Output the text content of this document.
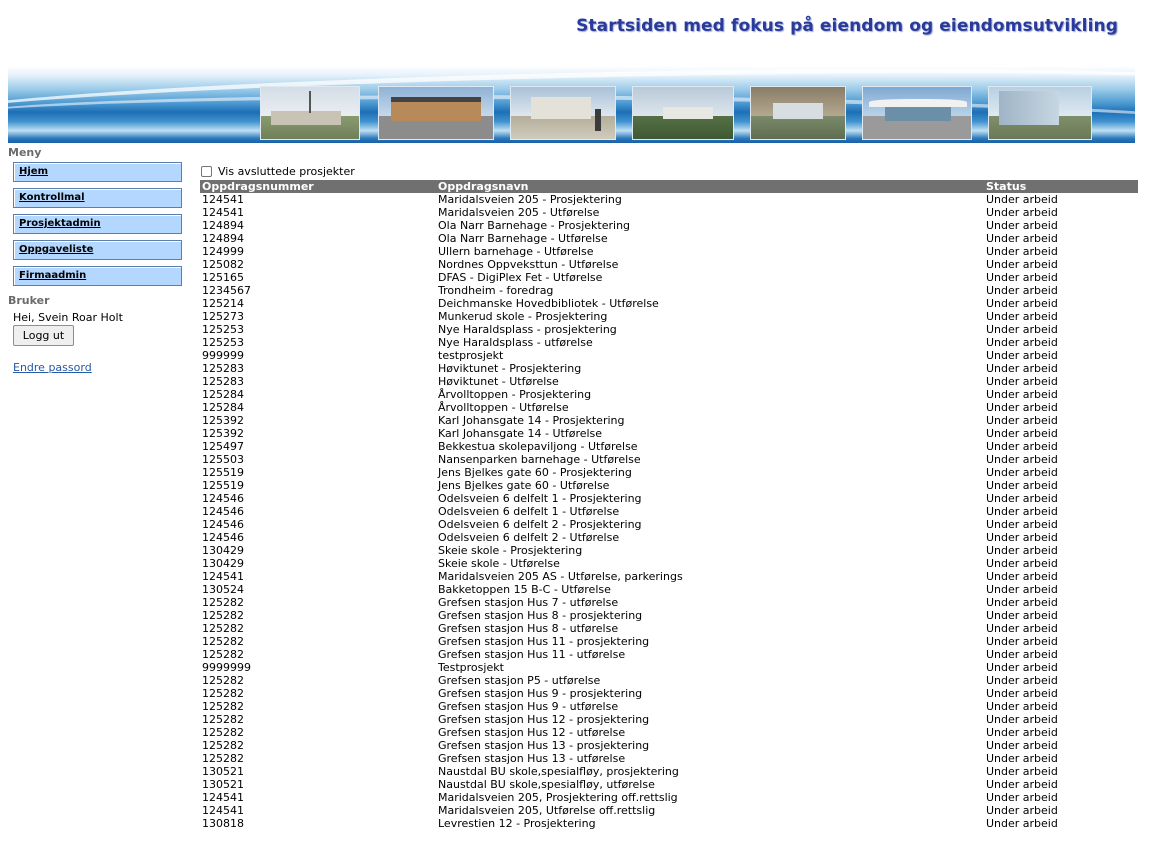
Startsiden med fokus på eiendom og eiendomsutvikling
Meny
Hjem
Kontrollmal
Prosjektadmin
Oppgaveliste
Firmaadmin
Bruker
Hei, Svein Roar Holt
Logg ut
Endre passord
Vis avsluttede prosjekter
Oppdragsnummer	Oppdragsnavn	Status
124541	Maridalsveien 205 - Prosjektering	Under arbeid
124541	Maridalsveien 205 - Utførelse	Under arbeid
124894	Ola Narr Barnehage - Prosjektering	Under arbeid
124894	Ola Narr Barnehage - Utførelse	Under arbeid
124999	Ullern barnehage - Utførelse	Under arbeid
125082	Nordnes Oppveksttun - Utførelse	Under arbeid
125165	DFAS - DigiPlex Fet - Utførelse	Under arbeid
1234567	Trondheim - foredrag	Under arbeid
125214	Deichmanske Hovedbibliotek - Utførelse	Under arbeid
125273	Munkerud skole - Prosjektering	Under arbeid
125253	Nye Haraldsplass - prosjektering	Under arbeid
125253	Nye Haraldsplass - utførelse	Under arbeid
999999	testprosjekt	Under arbeid
125283	Høviktunet - Prosjektering	Under arbeid
125283	Høviktunet - Utførelse	Under arbeid
125284	Årvolltoppen - Prosjektering	Under arbeid
125284	Årvolltoppen - Utførelse	Under arbeid
125392	Karl Johansgate 14 - Prosjektering	Under arbeid
125392	Karl Johansgate 14 - Utførelse	Under arbeid
125497	Bekkestua skolepaviljong - Utførelse	Under arbeid
125503	Nansenparken barnehage - Utførelse	Under arbeid
125519	Jens Bjelkes gate 60 - Prosjektering	Under arbeid
125519	Jens Bjelkes gate 60 - Utførelse	Under arbeid
124546	Odelsveien 6 delfelt 1 - Prosjektering	Under arbeid
124546	Odelsveien 6 delfelt 1 - Utførelse	Under arbeid
124546	Odelsveien 6 delfelt 2 - Prosjektering	Under arbeid
124546	Odelsveien 6 delfelt 2 - Utførelse	Under arbeid
130429	Skeie skole - Prosjektering	Under arbeid
130429	Skeie skole - Utførelse	Under arbeid
124541	Maridalsveien 205 AS - Utførelse, parkerings	Under arbeid
130524	Bakketoppen 15 B-C - Utførelse	Under arbeid
125282	Grefsen stasjon Hus 7 - utførelse	Under arbeid
125282	Grefsen stasjon Hus 8 - prosjektering	Under arbeid
125282	Grefsen stasjon Hus 8 - utførelse	Under arbeid
125282	Grefsen stasjon Hus 11 - prosjektering	Under arbeid
125282	Grefsen stasjon Hus 11 - utførelse	Under arbeid
9999999	Testprosjekt	Under arbeid
125282	Grefsen stasjon P5 - utførelse	Under arbeid
125282	Grefsen stasjon Hus 9 - prosjektering	Under arbeid
125282	Grefsen stasjon Hus 9 - utførelse	Under arbeid
125282	Grefsen stasjon Hus 12 - prosjektering	Under arbeid
125282	Grefsen stasjon Hus 12 - utførelse	Under arbeid
125282	Grefsen stasjon Hus 13 - prosjektering	Under arbeid
125282	Grefsen stasjon Hus 13 - utførelse	Under arbeid
130521	Naustdal BU skole,spesialfløy, prosjektering	Under arbeid
130521	Naustdal BU skole,spesialfløy, utførelse	Under arbeid
124541	Maridalsveien 205, Prosjektering off.rettslig	Under arbeid
124541	Maridalsveien 205, Utførelse off.rettslig	Under arbeid
130818	Levrestien 12 - Prosjektering	Under arbeid
